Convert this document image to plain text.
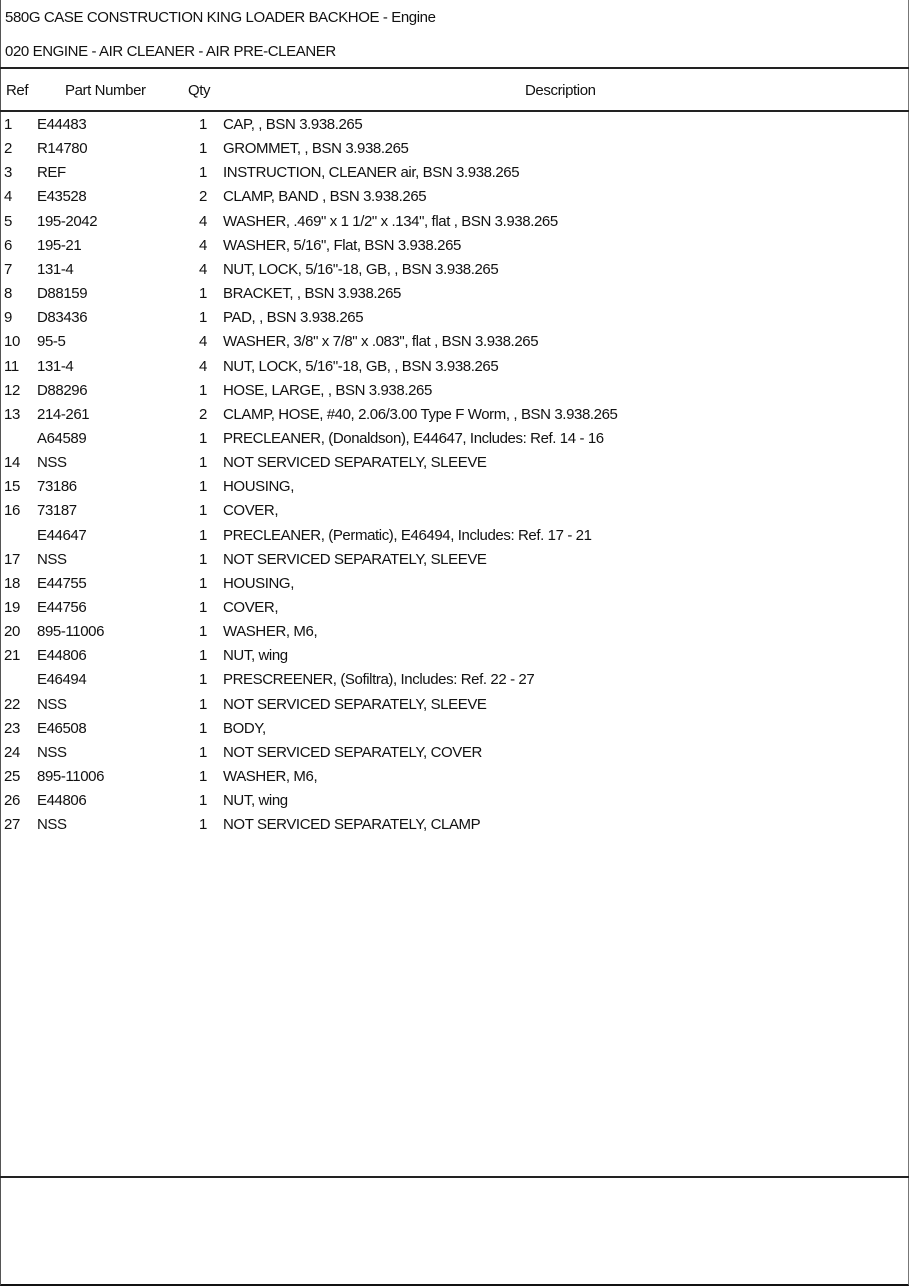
580G CASE CONSTRUCTION KING LOADER BACKHOE - Engine
020 ENGINE - AIR CLEANER - AIR PRE-CLEANER
Ref Part Number	Qty	Description
1 E44483	1 CAP, , BSN 3.938.265
2 R14780	1 GROMMET, , BSN 3.938.265
3 REF	1 INSTRUCTION, CLEANER air, BSN 3.938.265
4 E43528	2 CLAMP, BAND , BSN 3.938.265
5 195-2042	4 WASHER, .469" x 1 1/2" x .134", flat , BSN 3.938.265
6 195-21	4 WASHER, 5/16", Flat, BSN 3.938.265
7 131-4	4 NUT, LOCK, 5/16"-18, GB, , BSN 3.938.265
8 D88159	1 BRACKET, , BSN 3.938.265
9 D83436	1 PAD, , BSN 3.938.265
10 95-5	4 WASHER, 3/8" x 7/8" x .083", flat , BSN 3.938.265
11 131-4	4 NUT, LOCK, 5/16"-18, GB, , BSN 3.938.265
12 D88296	1 HOSE, LARGE, , BSN 3.938.265
13 214-261	2 CLAMP, HOSE, #40, 2.06/3.00 Type F Worm, , BSN 3.938.265
A64589	1 PRECLEANER, (Donaldson), E44647, Includes: Ref. 14 - 16
14 NSS	1 NOT SERVICED SEPARATELY, SLEEVE
15 73186	1 HOUSING,
16 73187	1 COVER,
E44647	1 PRECLEANER, (Permatic), E46494, Includes: Ref. 17 - 21
17 NSS	1 NOT SERVICED SEPARATELY, SLEEVE
18 E44755	1 HOUSING,
19 E44756	1 COVER,
20 895-11006	1 WASHER, M6,
21 E44806	1 NUT, wing
E46494	1 PRESCREENER, (Sofiltra), Includes: Ref. 22 - 27
22 NSS	1 NOT SERVICED SEPARATELY, SLEEVE
23 E46508	1 BODY,
24 NSS	1 NOT SERVICED SEPARATELY, COVER
25 895-11006	1 WASHER, M6,
26 E44806	1 NUT, wing
27 NSS	1 NOT SERVICED SEPARATELY, CLAMP
